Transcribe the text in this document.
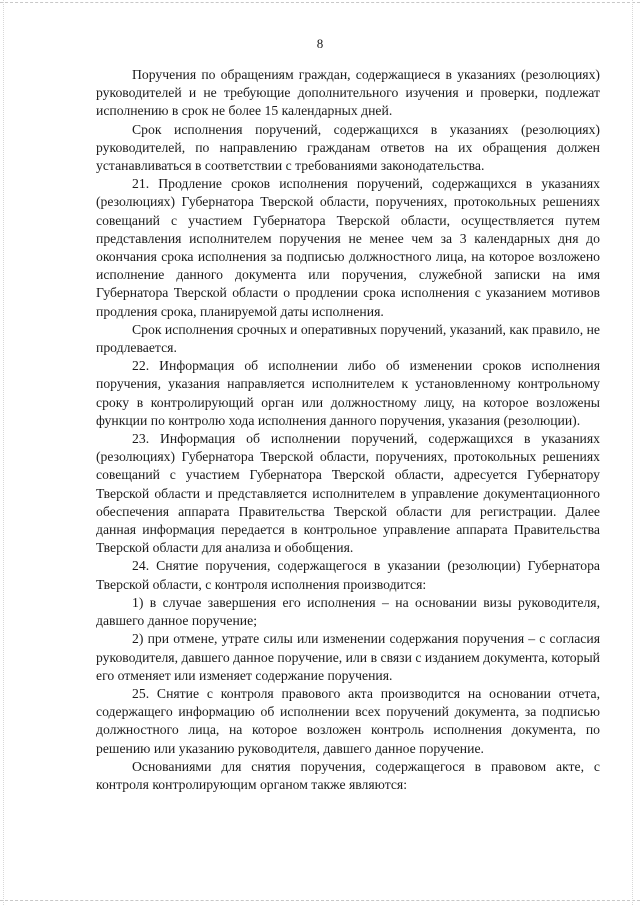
8

Поручения по обращениям граждан, содержащиеся в указаниях (резолюциях) руководителей и не требующие дополнительного изучения и проверки, подлежат исполнению в срок не более 15 календарных дней.

Срок исполнения поручений, содержащихся в указаниях (резолюциях) руководителей, по направлению гражданам ответов на их обращения должен устанавливаться в соответствии с требованиями законодательства.

21. Продление сроков исполнения поручений, содержащихся в указаниях (резолюциях) Губернатора Тверской области, поручениях, протокольных решениях совещаний с участием Губернатора Тверской области, осуществляется путем представления исполнителем поручения не менее чем за 3 календарных дня до окончания срока исполнения за подписью должностного лица, на которое возложено исполнение данного документа или поручения, служебной записки на имя Губернатора Тверской области о продлении срока исполнения с указанием мотивов продления срока, планируемой даты исполнения.

Срок исполнения срочных и оперативных поручений, указаний, как правило, не продлевается.

22. Информация об исполнении либо об изменении сроков исполнения поручения, указания направляется исполнителем к установленному контрольному сроку в контролирующий орган или должностному лицу, на которое возложены функции по контролю хода исполнения данного поручения, указания (резолюции).

23. Информация об исполнении поручений, содержащихся в указаниях (резолюциях) Губернатора Тверской области, поручениях, протокольных решениях совещаний с участием Губернатора Тверской области, адресуется Губернатору Тверской области и представляется исполнителем в управление документационного обеспечения аппарата Правительства Тверской области для регистрации. Далее данная информация передается в контрольное управление аппарата Правительства Тверской области для анализа и обобщения.

24. Снятие поручения, содержащегося в указании (резолюции) Губернатора Тверской области, с контроля исполнения производится:

1) в случае завершения его исполнения – на основании визы руководителя, давшего данное поручение;

2) при отмене, утрате силы или изменении содержания поручения – с согласия руководителя, давшего данное поручение, или в связи с изданием документа, который его отменяет или изменяет содержание поручения.

25. Снятие с контроля правового акта производится на основании отчета, содержащего информацию об исполнении всех поручений документа, за подписью должностного лица, на которое возложен контроль исполнения документа, по решению или указанию руководителя, давшего данное поручение.

Основаниями для снятия поручения, содержащегося в правовом акте, с контроля контролирующим органом также являются:
